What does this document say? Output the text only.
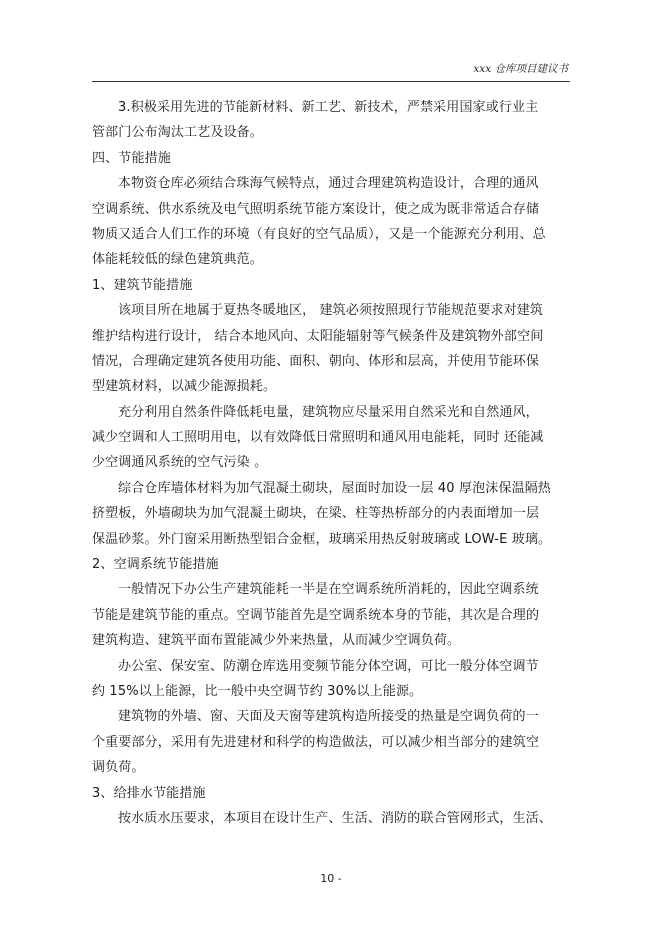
xxx 仓库项目建议书
3.积极采用先进的节能新材料、新工艺、新技术，严禁采用国家或行业主
管部门公布淘汰工艺及设备。
四、节能措施
本物资仓库必须结合珠海气候特点，通过合理建筑构造设计，合理的通风
空调系统、供水系统及电气照明系统节能方案设计，使之成为既非常适合存储
物质又适合人们工作的环境（有良好的空气品质），又是一个能源充分利用、总
体能耗较低的绿色建筑典范。
1、建筑节能措施
该项目所在地属于夏热冬暖地区， 建筑必须按照现行节能规范要求对建筑
维护结构进行设计， 结合本地风向、太阳能辐射等气候条件及建筑物外部空间
情况，合理确定建筑各使用功能、面积、朝向、体形和层高，并使用节能环保
型建筑材料，以减少能源损耗。
充分利用自然条件降低耗电量，建筑物应尽量采用自然采光和自然通风，
减少空调和人工照明用电，以有效降低日常照明和通风用电能耗，同时 还能减
少空调通风系统的空气污染 。
综合仓库墙体材料为加气混凝土砌块，屋面时加设一层 40 厚泡沫保温隔热
挤塑板，外墙砌块为加气混凝土砌块，在梁、柱等热桥部分的内表面增加一层
保温砂浆。外门窗采用断热型铝合金框，玻璃采用热反射玻璃或 LOW-E 玻璃。
2、空调系统节能措施
一般情况下办公生产建筑能耗一半是在空调系统所消耗的，因此空调系统
节能是建筑节能的重点。空调节能首先是空调系统本身的节能，其次是合理的
建筑构造、建筑平面布置能减少外来热量，从而减少空调负荷。
办公室、保安室、防潮仓库选用变频节能分体空调，可比一般分体空调节
约 15%以上能源，比一般中央空调节约 30%以上能源。
建筑物的外墙、窗、天面及天窗等建筑构造所接受的热量是空调负荷的一
个重要部分，采用有先进建材和科学的构造做法，可以减少相当部分的建筑空
调负荷。
3、给排水节能措施
按水质水压要求，本项目在设计生产、生活、消防的联合管网形式，生活、
10 -
